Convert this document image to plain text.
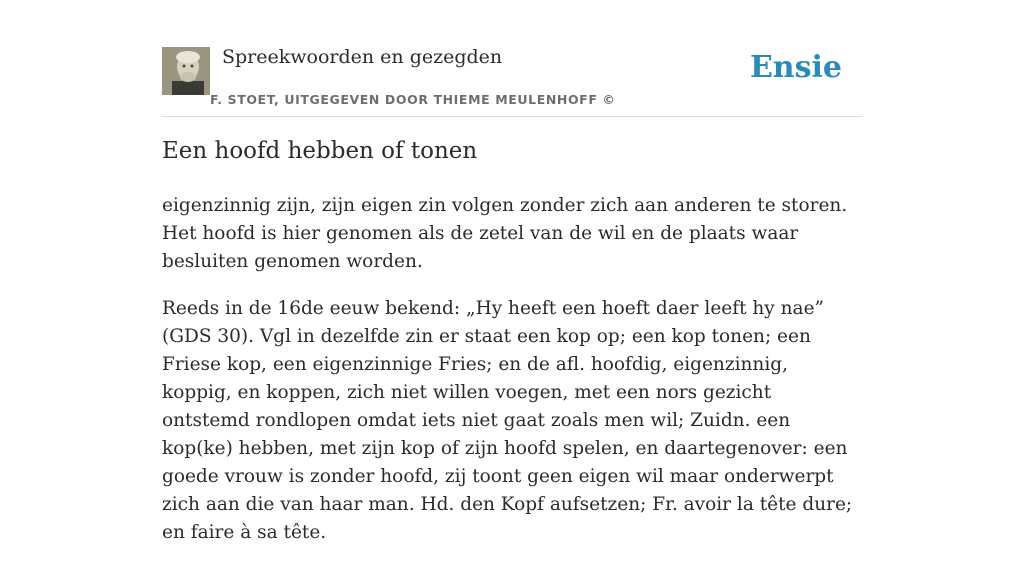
Spreekwoorden en gezegden
F. STOET, UITGEGEVEN DOOR THIEME MEULENHOFF ©
Ensie
Een hoofd hebben of tonen

eigenzinnig zijn, zijn eigen zin volgen zonder zich aan anderen te storen. Het hoofd is hier genomen als de zetel van de wil en de plaats waar besluiten genomen worden.

Reeds in de 16de eeuw bekend: „Hy heeft een hoeft daer leeft hy nae” (GDS 30). Vgl in dezelfde zin er staat een kop op; een kop tonen; een Friese kop, een eigenzinnige Fries; en de afl. hoofdig, eigenzinnig, koppig, en koppen, zich niet willen voegen, met een nors gezicht ontstemd rondlopen omdat iets niet gaat zoals men wil; Zuidn. een kop(ke) hebben, met zijn kop of zijn hoofd spelen, en daartegenover: een goede vrouw is zonder hoofd, zij toont geen eigen wil maar onderwerpt zich aan die van haar man. Hd. den Kopf aufsetzen; Fr. avoir la tête dure; en faire à sa tête.
